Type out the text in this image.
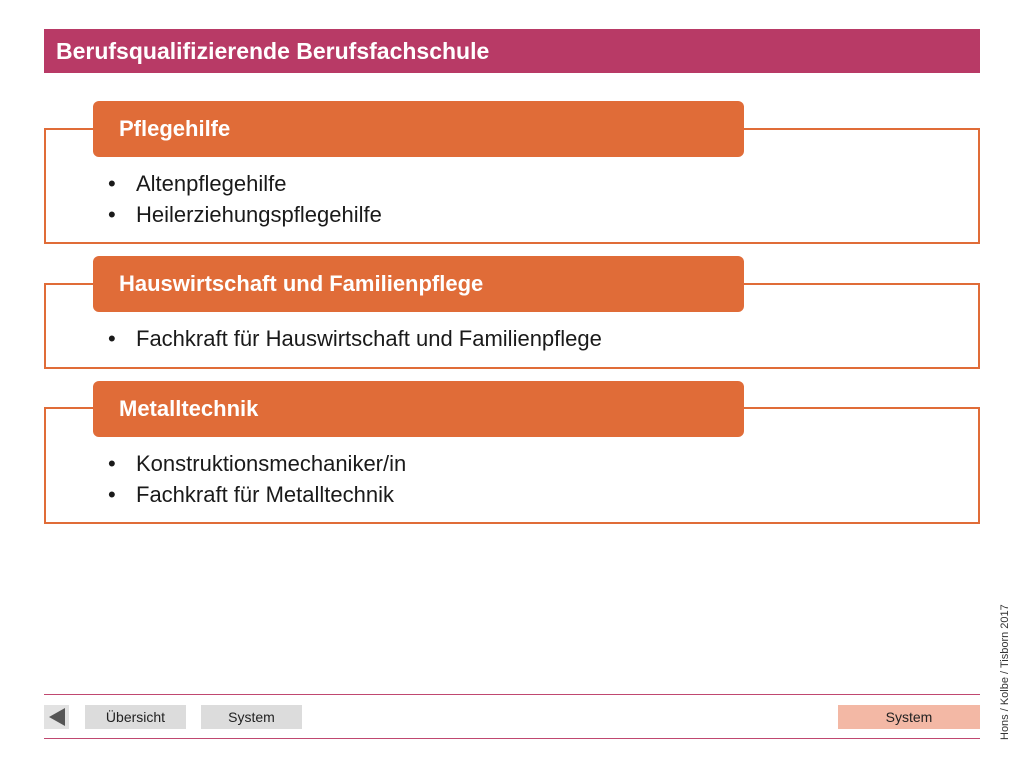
Berufsqualifizierende Berufsfachschule
Pflegehilfe
• Altenpflegehilfe
• Heilerziehungspflegehilfe
Hauswirtschaft und Familienpflege
• Fachkraft für Hauswirtschaft und Familienpflege
Metalltechnik
• Konstruktionsmechaniker/in
• Fachkraft für Metalltechnik
Hons / Kolbe / Tisborn 2017
Übersicht	System	System
